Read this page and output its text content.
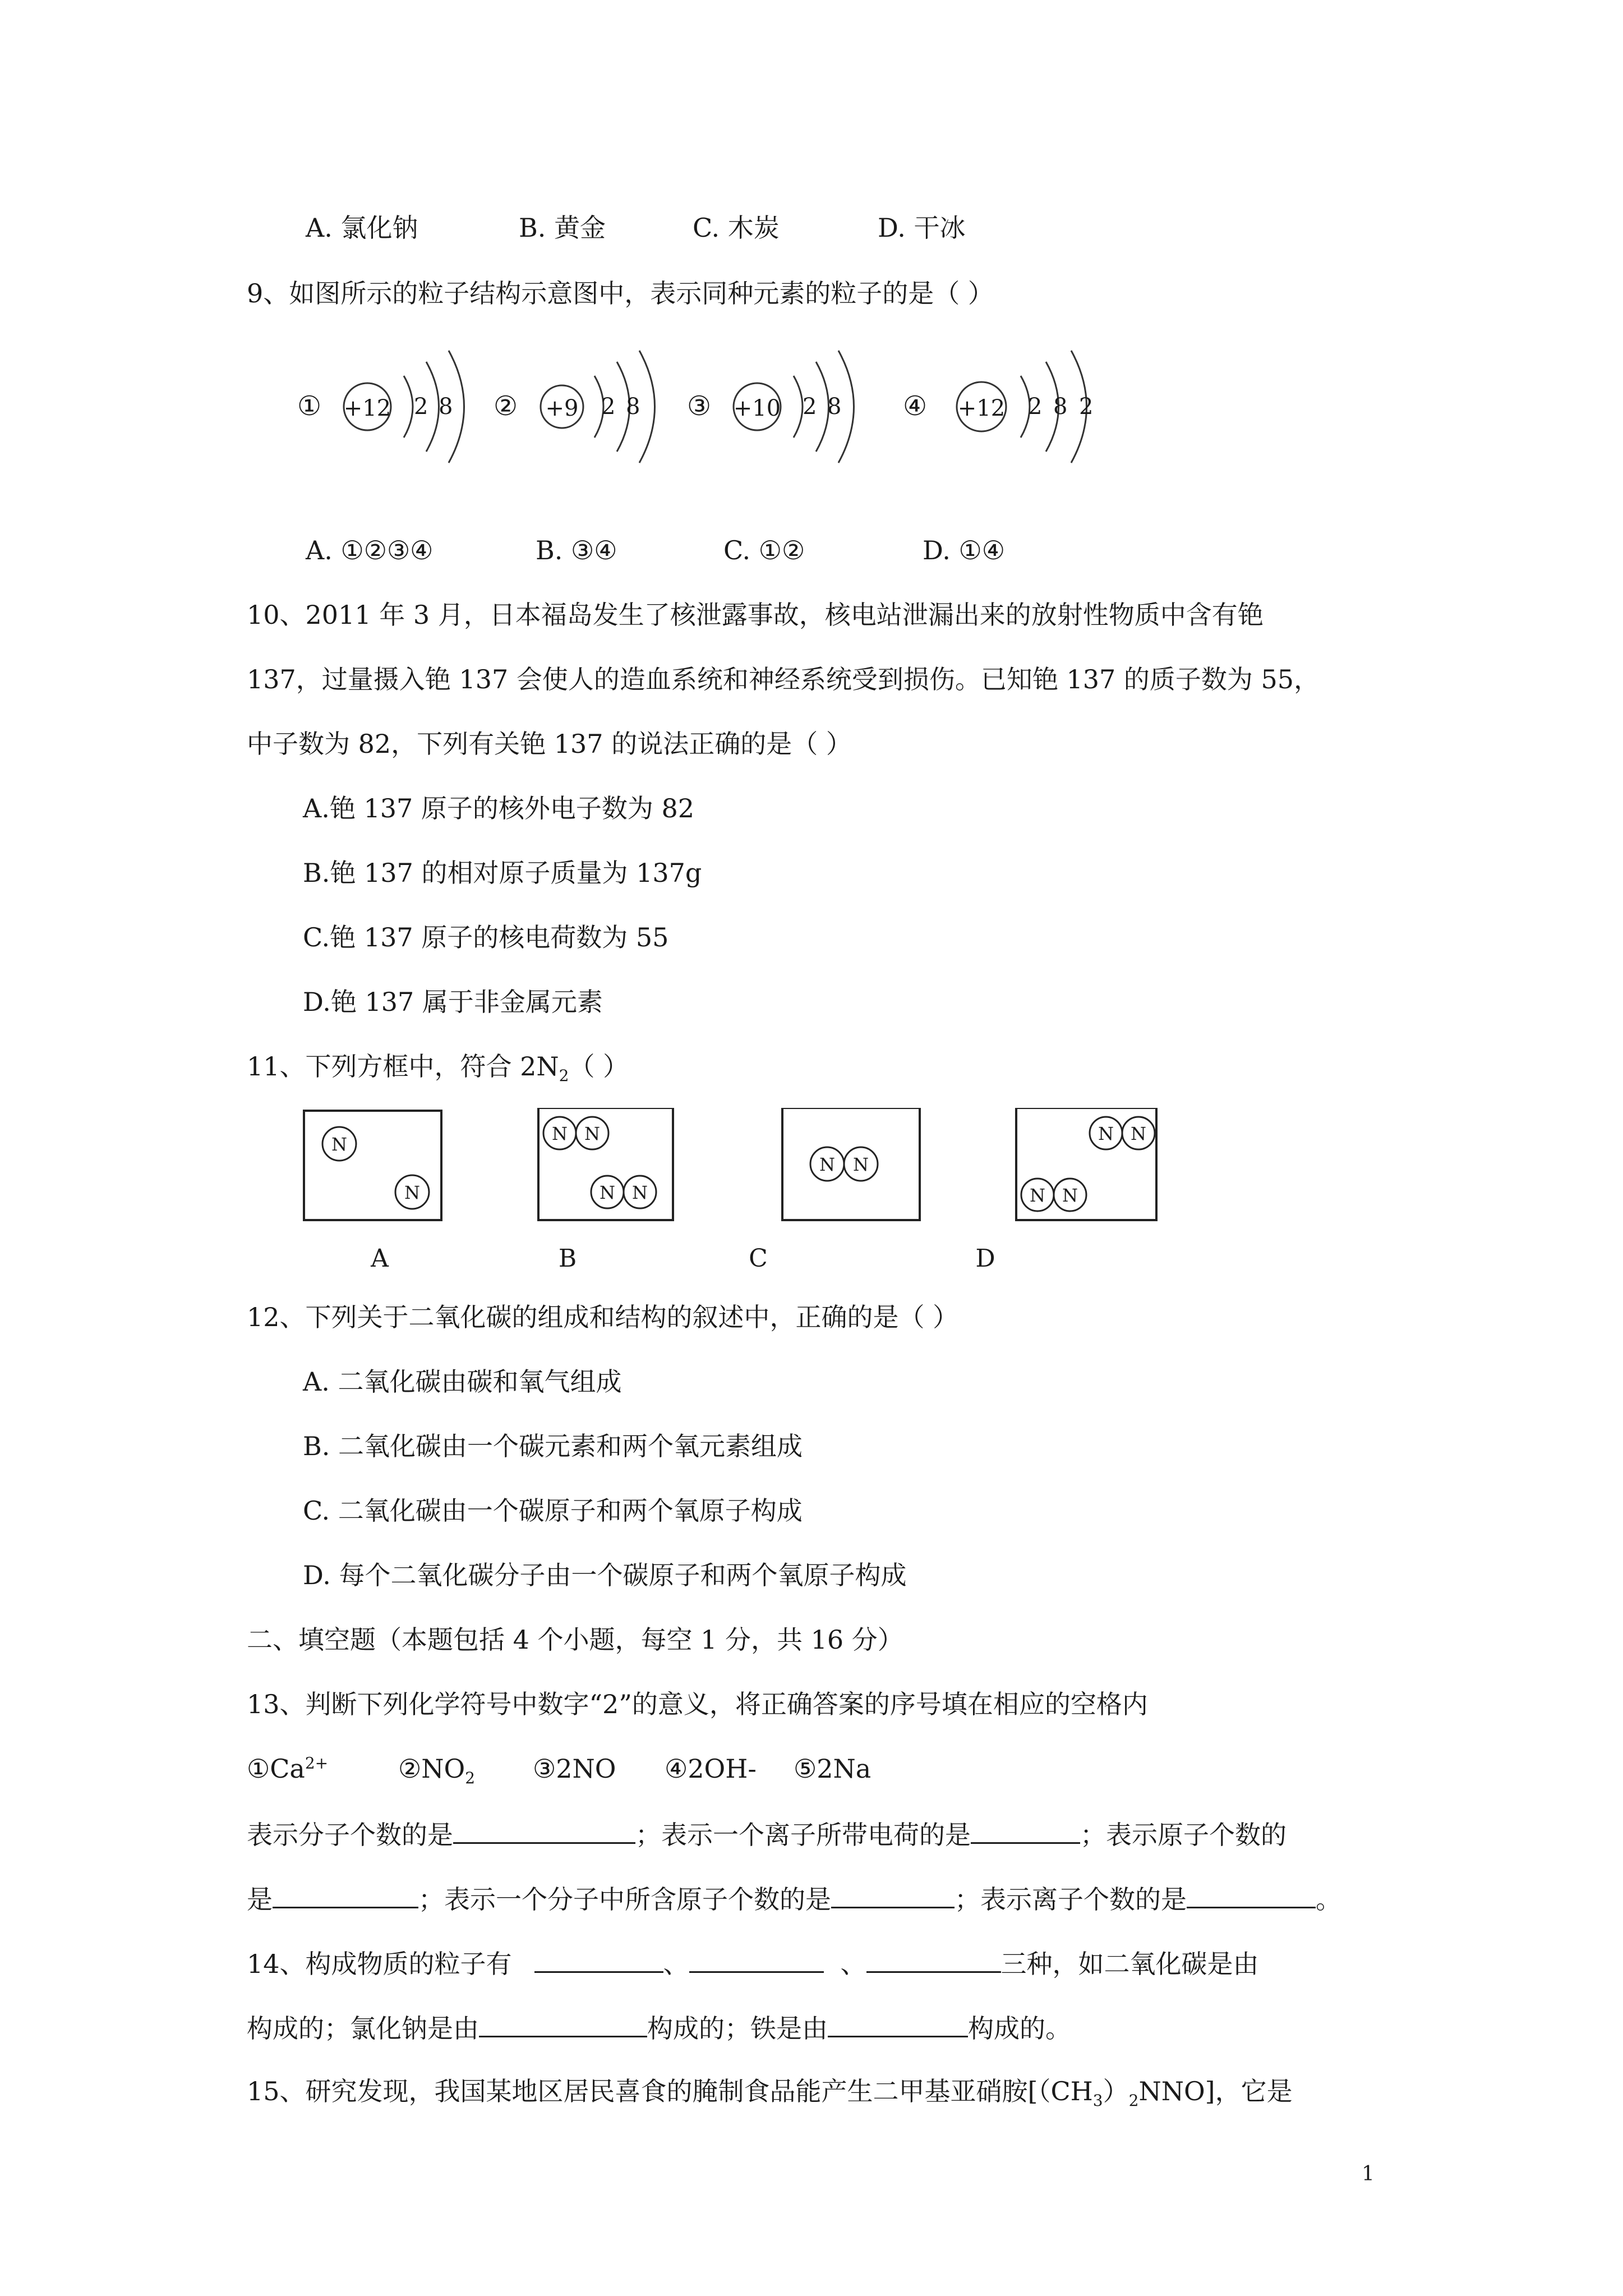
A. 氯化钠	B. 黄金	C. 木炭	D. 干冰
9、如图所示的粒子结构示意图中，表示同种元素的粒子的是（ ）
① +12 2 8 ② +9 2 8 ③ +10 2 8 ④ +12 2 8 2
A. ①②③④	B. ③④	C. ①②	D. ①④
10、2011 年 3 月，日本福岛发生了核泄露事故，核电站泄漏出来的放射性物质中含有铯
137，过量摄入铯 137 会使人的造血系统和神经系统受到损伤。已知铯 137 的质子数为 55，
中子数为 82，下列有关铯 137 的说法正确的是（ ）
A.铯 137 原子的核外电子数为 82
B.铯 137 的相对原子质量为 137g
C.铯 137 原子的核电荷数为 55
D.铯 137 属于非金属元素
11、下列方框中，符合 $2N_2$（ ）
N
N
N N
N N
N N
N N
N N
A	B	C	D
12、下列关于二氧化碳的组成和结构的叙述中，正确的是（ ）
A. 二氧化碳由碳和氧气组成
B. 二氧化碳由一个碳元素和两个氧元素组成
C. 二氧化碳由一个碳原子和两个氧原子构成
D. 每个二氧化碳分子由一个碳原子和两个氧原子构成
二、填空题（本题包括 4 个小题，每空 1 分，共 16 分）
13、判断下列化学符号中数字“2”的意义，将正确答案的序号填在相应的空格内
$①Ca^{2+}$	$②NO_2$ ③2NO ④2OH- ⑤2Na
表示分子个数的是	；表示一个离子所带电荷的是	；表示原子个数的
是	；表示一个分子中所含原子个数的是	；表示离子个数的是	。
14、构成物质的粒子有	、	、	三种，如二氧化碳是由
构成的；氯化钠是由	构成的；铁是由	构成的。
15、研究发现，我国某地区居民喜食的腌制食品能产生二甲基亚硝胺$[(CH_3)_2NNO]$，它是
1
